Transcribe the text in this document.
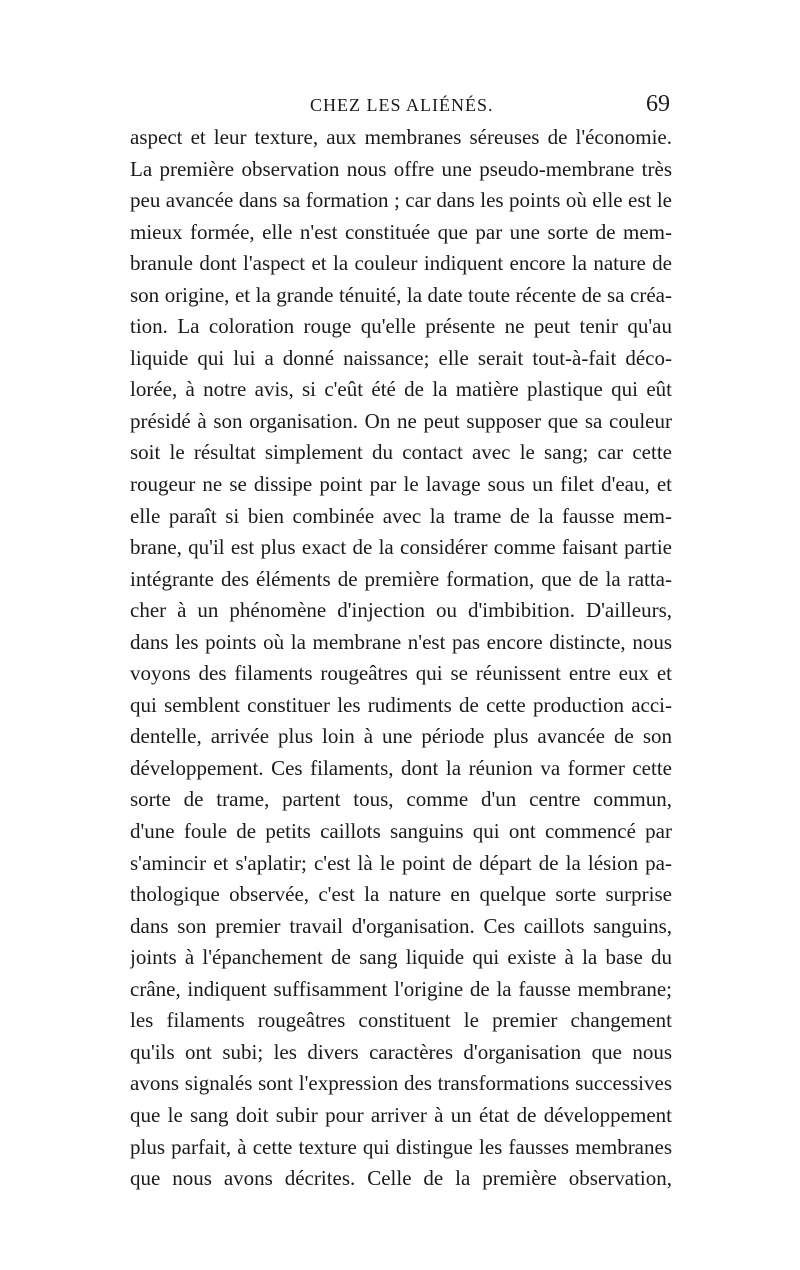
CHEZ LES ALIÉNÉS.	69
aspect et leur texture, aux membranes séreuses de l'économie.
La première observation nous offre une pseudo-membrane très
peu avancée dans sa formation ; car dans les points où elle est le
mieux formée, elle n'est constituée que par une sorte de mem-
branule dont l'aspect et la couleur indiquent encore la nature de
son origine, et la grande ténuité, la date toute récente de sa créa-
tion. La coloration rouge qu'elle présente ne peut tenir qu'au
liquide qui lui a donné naissance; elle serait tout-à-fait déco-
lorée, à notre avis, si c'eût été de la matière plastique qui eût
présidé à son organisation. On ne peut supposer que sa couleur
soit le résultat simplement du contact avec le sang; car cette
rougeur ne se dissipe point par le lavage sous un filet d'eau, et
elle paraît si bien combinée avec la trame de la fausse mem-
brane, qu'il est plus exact de la considérer comme faisant partie
intégrante des éléments de première formation, que de la ratta-
cher à un phénomène d'injection ou d'imbibition. D'ailleurs,
dans les points où la membrane n'est pas encore distincte, nous
voyons des filaments rougeâtres qui se réunissent entre eux et
qui semblent constituer les rudiments de cette production acci-
dentelle, arrivée plus loin à une période plus avancée de son
développement. Ces filaments, dont la réunion va former cette
sorte de trame, partent tous, comme d'un centre commun,
d'une foule de petits caillots sanguins qui ont commencé par
s'amincir et s'aplatir; c'est là le point de départ de la lésion pa-
thologique observée, c'est la nature en quelque sorte surprise
dans son premier travail d'organisation. Ces caillots sanguins,
joints à l'épanchement de sang liquide qui existe à la base du
crâne, indiquent suffisamment l'origine de la fausse membrane;
les filaments rougeâtres constituent le premier changement
qu'ils ont subi; les divers caractères d'organisation que nous
avons signalés sont l'expression des transformations successives
que le sang doit subir pour arriver à un état de développement
plus parfait, à cette texture qui distingue les fausses membranes
que nous avons décrites. Celle de la première observation,
